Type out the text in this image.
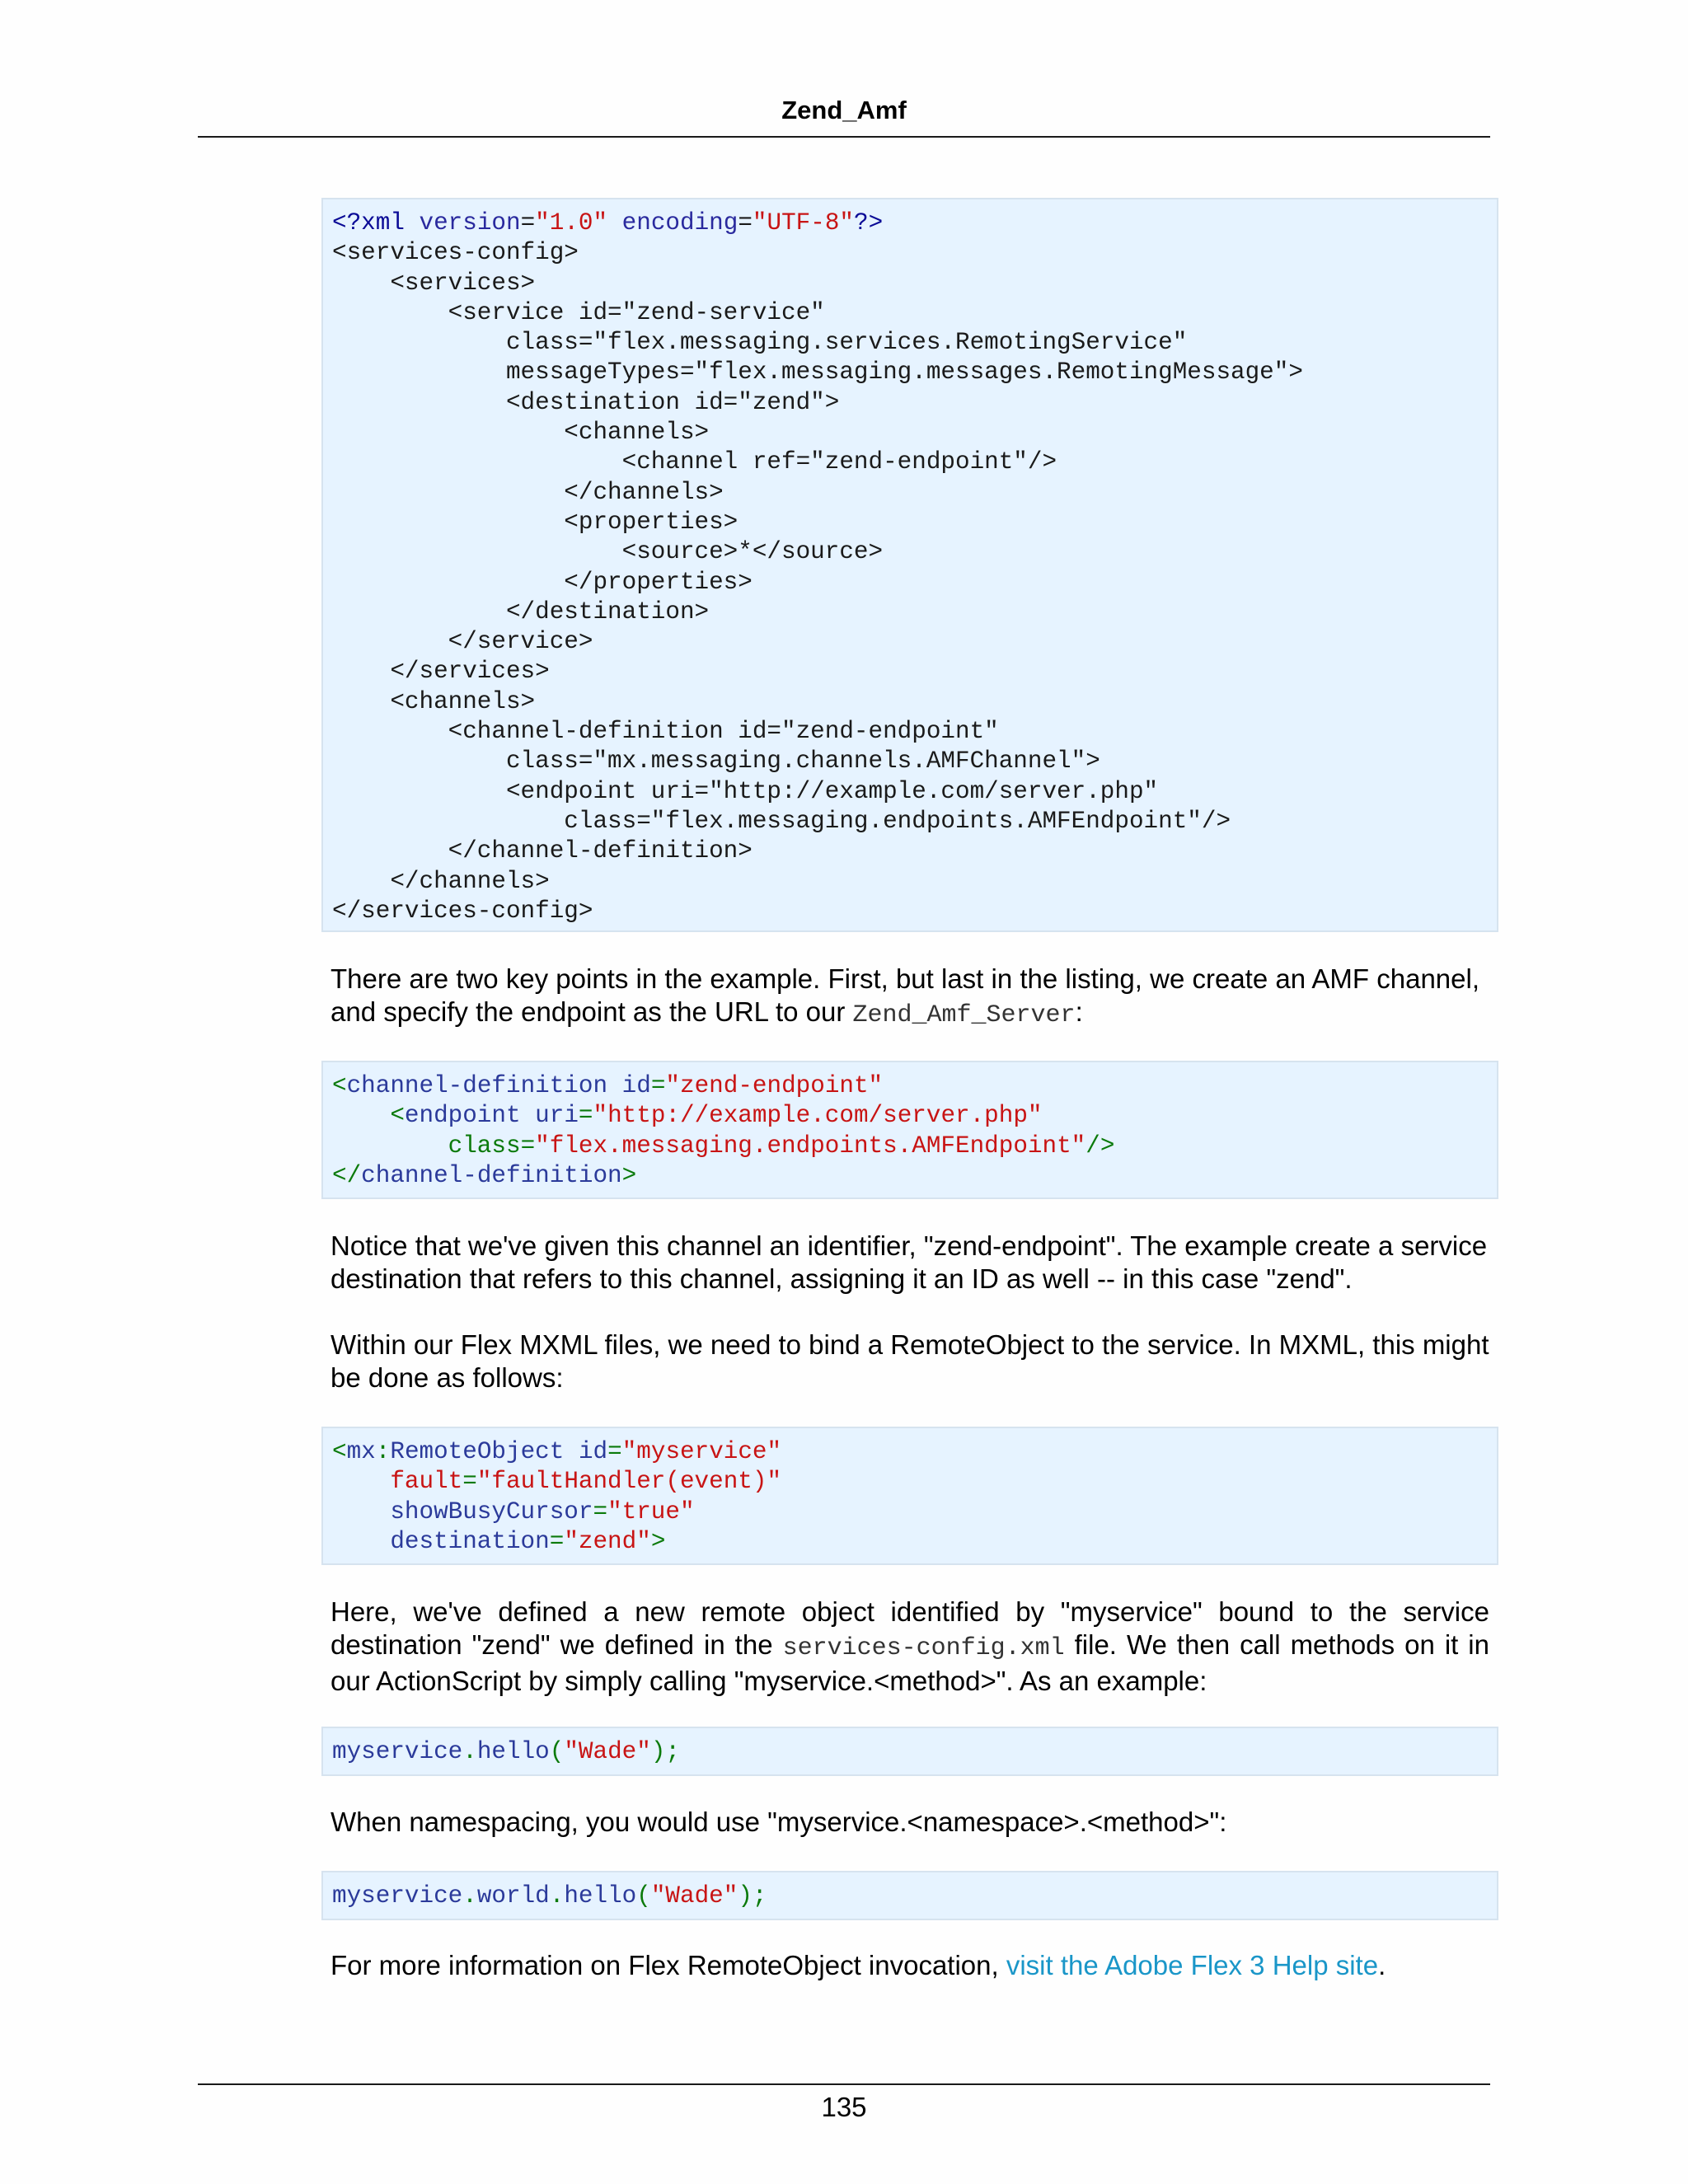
Zend_Amf
<?xml version="1.0" encoding="UTF-8"?>
<services-config>
<services>
<service id="zend-service"
class="flex.messaging.services.RemotingService"
messageTypes="flex.messaging.messages.RemotingMessage">
<destination id="zend">
<channels>
<channel ref="zend-endpoint"/>
</channels>
<properties>
<source>*</source>
</properties>
</destination>
</service>
</services>
<channels>
<channel-definition id="zend-endpoint"
class="mx.messaging.channels.AMFChannel">
<endpoint uri="http://example.com/server.php"
class="flex.messaging.endpoints.AMFEndpoint"/>
</channel-definition>
</channels>
</services-config>

There are two key points in the example. First, but last in the listing, we create an AMF channel,
and specify the endpoint as the URL to our Zend_Amf_Server:

<channel-definition id="zend-endpoint"
<endpoint uri="http://example.com/server.php"
class="flex.messaging.endpoints.AMFEndpoint"/>
</channel-definition>

Notice that we've given this channel an identifier, "zend-endpoint". The example create a service destination that refers to this channel, assigning it an ID as well -- in this case "zend".

Within our Flex MXML files, we need to bind a RemoteObject to the service. In MXML, this might be done as follows:

<mx:RemoteObject id="myservice"
fault="faultHandler(event)"
showBusyCursor="true"
destination="zend">

Here, we've defined a new remote object identified by "myservice" bound to the service destination "zend" we defined in the services-config.xml file. We then call methods on it in our ActionScript by simply calling "myservice.<method>". As an example:

myservice.hello("Wade");

When namespacing, you would use "myservice.<namespace>.<method>":

myservice.world.hello("Wade");

For more information on Flex RemoteObject invocation, visit the Adobe Flex 3 Help site.

135
